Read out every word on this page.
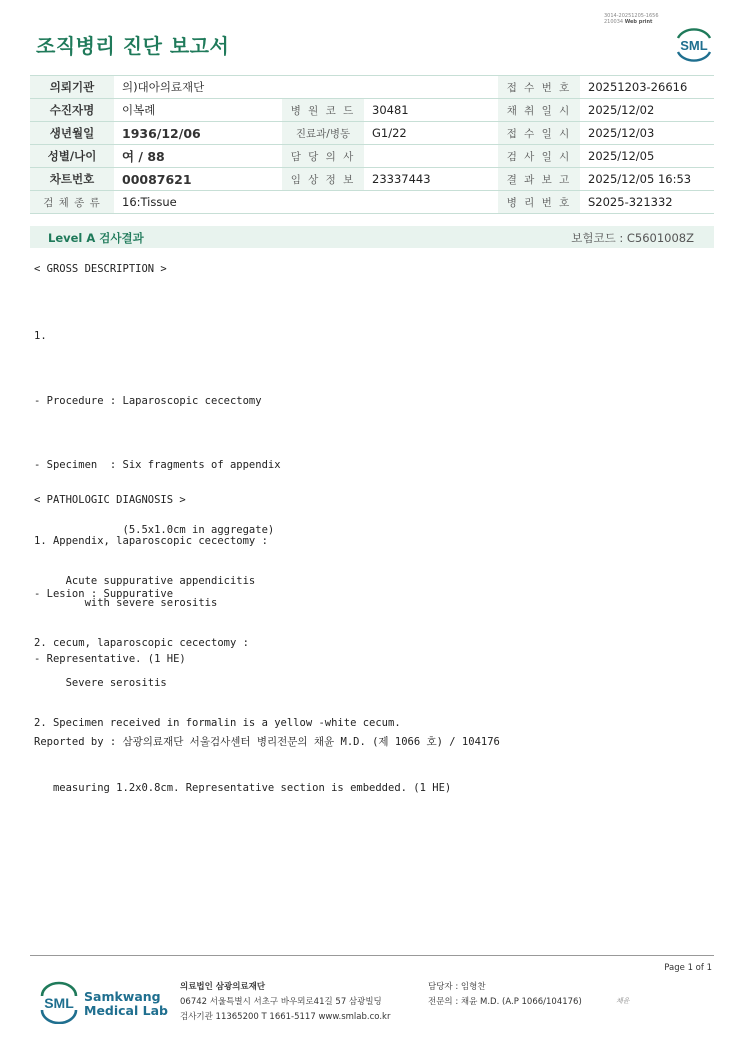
3014-20251205-1656
210034 Web print
조직병리 진단 보고서	SML
의뢰기관	의)대아의료재단			접 수 번 호	20251203-26616
수진자명	이복례	병 원 코 드	30481	채 취 일 시	2025/12/02
생년월일	1936/12/06	진료과/병동	G1/22	접 수 일 시	2025/12/03
성별/나이	여 / 88	담 당 의 사		검 사 일 시	2025/12/05
차트번호	00087621	임 상 정 보	23337443	결 과 보 고	2025/12/05 16:53
검 체 종 류	16:Tissue			병 리 번 호	S2025-321332
Level A 검사결과	보험코드 : C5601008Z
< GROSS DESCRIPTION >

1.

- Procedure : Laparoscopic cecectomy

- Specimen  : Six fragments of appendix

(5.5x1.0cm in aggregate)

- Lesion : Suppurative

- Representative. (1 HE)

2. Specimen received in formalin is a yellow -white cecum.

measuring 1.2x0.8cm. Representative section is embedded. (1 HE)

< PATHOLOGIC DIAGNOSIS >
1. Appendix, laparoscopic cecectomy :
Acute suppurative appendicitis
with severe serositis
2. cecum, laparoscopic cecectomy :
Severe serositis
Reported by : 삼광의료재단 서울검사센터 병리전문의 채윤 M.D. (제 1066 호) / 104176
Page 1 of 1
SML Samkwang
Medical Lab
의료법인 삼광의료재단
06742 서울특별시 서초구 바우뫼로41길 57 삼광빌딩
검사기관 11365200 T 1661-5117 www.smlab.co.kr
담당자 : 임형찬
전문의 : 채윤 M.D. (A.P 1066/104176)	채윤
